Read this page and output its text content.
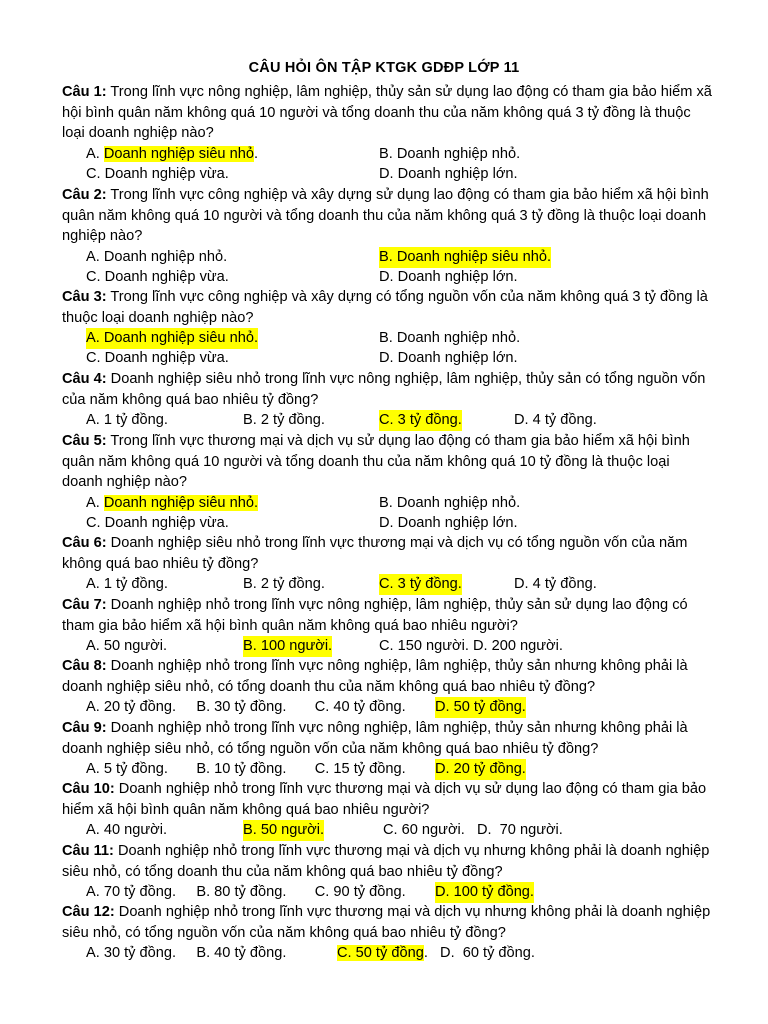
CÂU HỎI ÔN TẬP KTGK GDĐP LỚP 11
Câu 1: Trong lĩnh vực nông nghiệp, lâm nghiệp, thủy sản sử dụng lao động có tham gia bảo hiểm xã hội bình quân năm không quá 10 người và tổng doanh thu của năm không quá 3 tỷ đồng là thuộc loại doanh nghiệp nào?
A. Doanh nghiệp siêu nhỏ.	B. Doanh nghiệp nhỏ.
C. Doanh nghiệp vừa.	D. Doanh nghiệp lớn.
Câu 2: Trong lĩnh vực công nghiệp và xây dựng sử dụng lao động có tham gia bảo hiểm xã hội bình quân năm không quá 10 người và tổng doanh thu của năm không quá 3 tỷ đồng là thuộc loại doanh nghiệp nào?
A. Doanh nghiệp nhỏ.	B. Doanh nghiệp siêu nhỏ.
C. Doanh nghiệp vừa.	D. Doanh nghiệp lớn.
Câu 3: Trong lĩnh vực công nghiệp và xây dựng có tổng nguồn vốn của năm không quá 3 tỷ đồng là thuộc loại doanh nghiệp nào?
A. Doanh nghiệp siêu nhỏ.	B. Doanh nghiệp nhỏ.
C. Doanh nghiệp vừa.	D. Doanh nghiệp lớn.
Câu 4: Doanh nghiệp siêu nhỏ trong lĩnh vực nông nghiệp, lâm nghiệp, thủy sản có tổng nguồn vốn của năm không quá bao nhiêu tỷ đồng?
A. 1 tỷ đồng.	B. 2 tỷ đồng.	C. 3 tỷ đồng.	D. 4 tỷ đồng.
Câu 5: Trong lĩnh vực thương mại và dịch vụ sử dụng lao động có tham gia bảo hiểm xã hội bình quân năm không quá 10 người và tổng doanh thu của năm không quá 10 tỷ đồng là thuộc loại doanh nghiệp nào?
A. Doanh nghiệp siêu nhỏ.	B. Doanh nghiệp nhỏ.
C. Doanh nghiệp vừa.	D. Doanh nghiệp lớn.
Câu 6: Doanh nghiệp siêu nhỏ trong lĩnh vực thương mại và dịch vụ có tổng nguồn vốn của năm không quá bao nhiêu tỷ đồng?
A. 1 tỷ đồng.	B. 2 tỷ đồng.	C. 3 tỷ đồng.	D. 4 tỷ đồng.
Câu 7: Doanh nghiệp nhỏ trong lĩnh vực nông nghiệp, lâm nghiệp, thủy sản sử dụng lao động có tham gia bảo hiểm xã hội bình quân năm không quá bao nhiêu người?
A. 50 người.	B. 100 người.	C. 150 người. D. 200 người.
Câu 8: Doanh nghiệp nhỏ trong lĩnh vực nông nghiệp, lâm nghiệp, thủy sản nhưng không phải là doanh nghiệp siêu nhỏ, có tổng doanh thu của năm không quá bao nhiêu tỷ đồng?
A. 20 tỷ đồng.     B. 30 tỷ đồng.       C. 40 tỷ đồng. D. 50 tỷ đồng.
Câu 9: Doanh nghiệp nhỏ trong lĩnh vực nông nghiệp, lâm nghiệp, thủy sản nhưng không phải là doanh nghiệp siêu nhỏ, có tổng nguồn vốn của năm không quá bao nhiêu tỷ đồng?
A. 5 tỷ đồng.       B. 10 tỷ đồng.       C. 15 tỷ đồng. D. 20 tỷ đồng.
Câu 10: Doanh nghiệp nhỏ trong lĩnh vực thương mại và dịch vụ sử dụng lao động có tham gia bảo hiểm xã hội bình quân năm không quá bao nhiêu người?
A. 40 người.	B. 50 người.	C. 60 người.   D.  70 người.
Câu 11: Doanh nghiệp nhỏ trong lĩnh vực thương mại và dịch vụ nhưng không phải là doanh nghiệp siêu nhỏ, có tổng doanh thu của năm không quá bao nhiêu tỷ đồng?
A. 70 tỷ đồng.     B. 80 tỷ đồng.       C. 90 tỷ đồng. D. 100 tỷ đồng.
Câu 12: Doanh nghiệp nhỏ trong lĩnh vực thương mại và dịch vụ nhưng không phải là doanh nghiệp siêu nhỏ, có tổng nguồn vốn của năm không quá bao nhiêu tỷ đồng?
A. 30 tỷ đồng.     B. 40 tỷ đồng.	C. 50 tỷ đồng.   D.  60 tỷ đồng.
